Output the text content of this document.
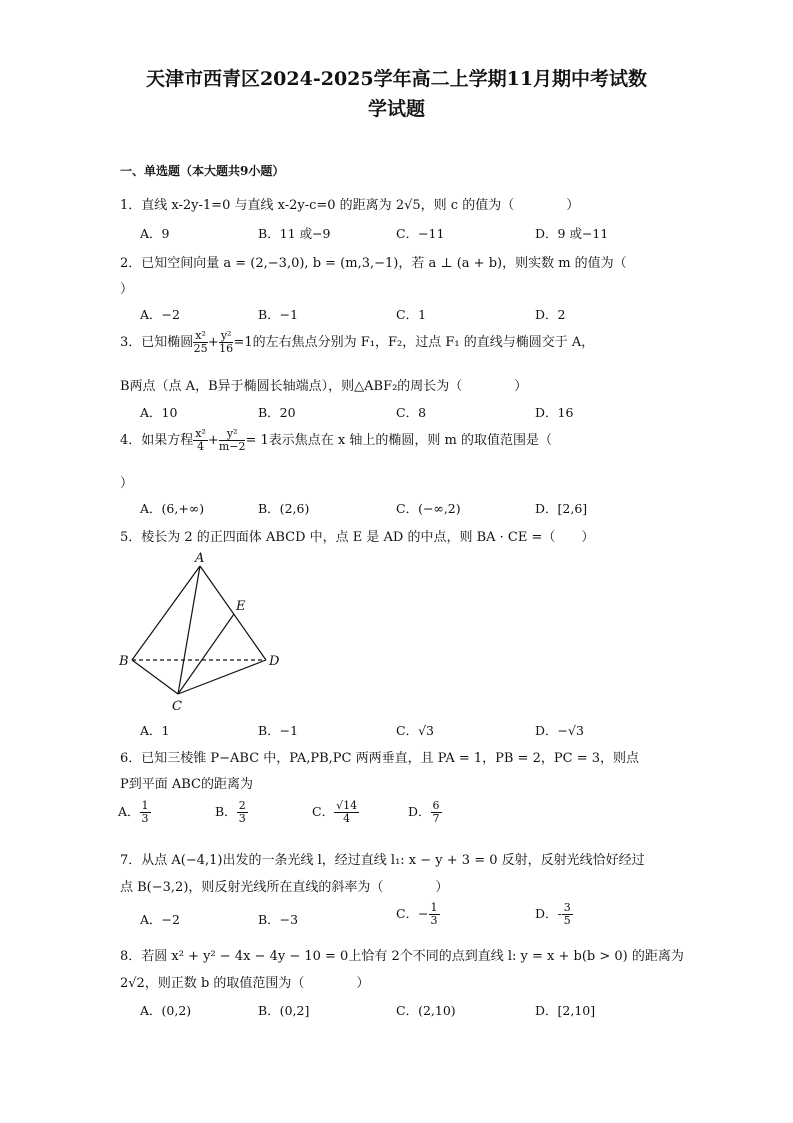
天津市西青区2024-2025学年高二上学期11月期中考试数
学试题
一、单选题（本大题共9小题）
1．直线 x-2y-1=0 与直线 x-2y-c=0 的距离为 2√5，则 c 的值为（　　　　）
A．9	B．11 或−9	C．−11	D．9 或−11
2．已知空间向量 a = (2,−3,0), b = (m,3,−1)，若 a ⊥ (a + b)，则实数 m 的值为（
）
A．−2	B．−1	C．1	D．2
3．已知椭圆 $\frac{\text{x²}}{25} + \frac{\text{y²}}{16} =1$的左右焦点分别为 F₁，F₂，过点 F₁ 的直线与椭圆交于 A，
B两点（点 A，B异于椭圆长轴端点），则△ABF₂的周长为（　　　　）
A．10	B．20	C．8	D．16
4．如果方程 $\frac{\text{x²}}{4} + \frac{\text{y²}}{m-2} = 1$表示焦点在 x 轴上的椭圆，则 m 的取值范围是（
）
A．(6,+∞)	B．(2,6)	C．(−∞,2)	D．[2,6]
5．棱长为 2 的正四面体 ABCD 中，点 E 是 AD 的中点，则 BA · CE =（　　）
A
B
C
D
E
A．1	B．−1	C．√3	D．−√3
6．已知三棱锥 P−ABC 中，PA,PB,PC 两两垂直，且 PA = 1，PB = 2，PC = 3，则点
P到平面 ABC的距离为
A． $\frac{1}{3}$	B． $\frac{2}{3}$	C． $\frac{√14}{4}$	D． $\frac{6}{7}$
7．从点 A(−4,1)出发的一条光线 l，经过直线 l₁: x − y + 3 = 0 反射，反射光线恰好经过
点 B(−3,2)，则反射光线所在直线的斜率为（　　　　）
A．−2	B．−3	C．− $\frac{1}{3}$	D．- $\frac{3}{5}$
8．若圆 x² + y² − 4x − 4y − 10 = 0上恰有 2个不同的点到直线 l: y = x + b(b > 0) 的距离为
2√2，则正数 b 的取值范围为（　　　　）
A．(0,2)	B．(0,2]	C．(2,10)	D．[2,10]
